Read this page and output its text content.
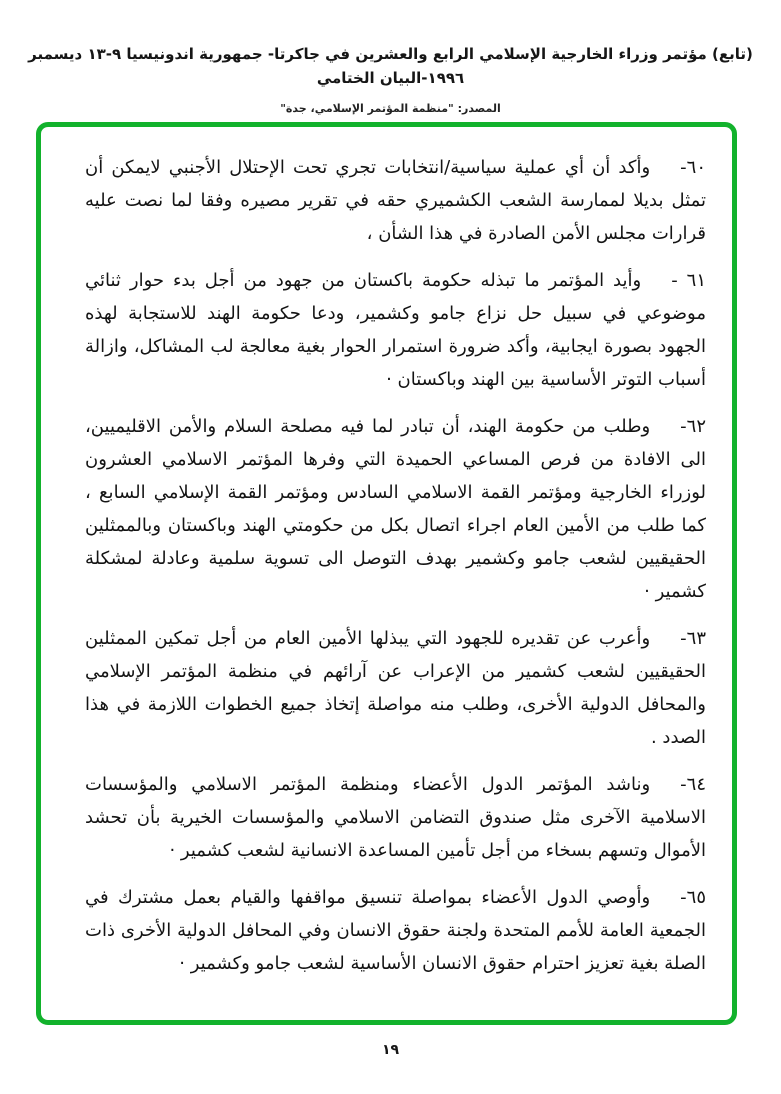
(تابع) مؤتمر وزراء الخارجية الإسلامي الرابع والعشرين في جاكرتا- جمهورية اندونيسيا ٩-١٣ ديسمبر ١٩٩٦-البيان الختامي
المصدر: "منظمة المؤتمر الإسلامي، جدة"
٦٠-وأكد أن أي عملية سياسية/انتخابات تجري تحت الإحتلال الأجنبي لايمكن أن تمثل بديلا لممارسة الشعب الكشميري حقه في تقرير مصيره وفقا لما نصت عليه قرارات مجلس الأمن الصادرة في هذا الشأن ،
٦١ -وأيد المؤتمر ما تبذله حكومة باكستان من جهود من أجل بدء حوار ثنائي موضوعي في سبيل حل نزاع جامو وكشمير، ودعا حكومة الهند للاستجابة لهذه الجهود بصورة ايجابية، وأكد ضرورة استمرار الحوار بغية معالجة لب المشاكل، وازالة أسباب التوتر الأساسية بين الهند وباكستان ·
٦٢-وطلب من حكومة الهند، أن تبادر لما فيه مصلحة السلام والأمن الاقليميين، الى الافادة من فرص المساعي الحميدة التي وفرها المؤتمر الاسلامي العشرون لوزراء الخارجية ومؤتمر القمة الاسلامي السادس ومؤتمر القمة الإسلامي السابع ، كما طلب من الأمين العام اجراء اتصال بكل من حكومتي الهند وباكستان وبالممثلين الحقيقيين لشعب جامو وكشمير بهدف التوصل الى تسوية سلمية وعادلة لمشكلة كشمير ·
٦٣-وأعرب عن تقديره للجهود التي يبذلها الأمين العام من أجل تمكين الممثلين الحقيقيين لشعب كشمير من الإعراب عن آرائهم في منظمة المؤتمر الإسلامي والمحافل الدولية الأخرى، وطلب منه مواصلة إتخاذ جميع الخطوات اللازمة في هذا الصدد .
٦٤-وناشد المؤتمر الدول الأعضاء ومنظمة المؤتمر الاسلامي والمؤسسات الاسلامية الآخرى مثل صندوق التضامن الاسلامي والمؤسسات الخيرية بأن تحشد الأموال وتسهم بسخاء من أجل تأمين المساعدة الانسانية لشعب كشمير ·
٦٥-وأوصي الدول الأعضاء بمواصلة تنسيق مواقفها والقيام بعمل مشترك في الجمعية العامة للأمم المتحدة ولجنة حقوق الانسان وفي المحافل الدولية الأخرى ذات الصلة بغية تعزيز احترام حقوق الانسان الأساسية لشعب جامو وكشمير ·
١٩
